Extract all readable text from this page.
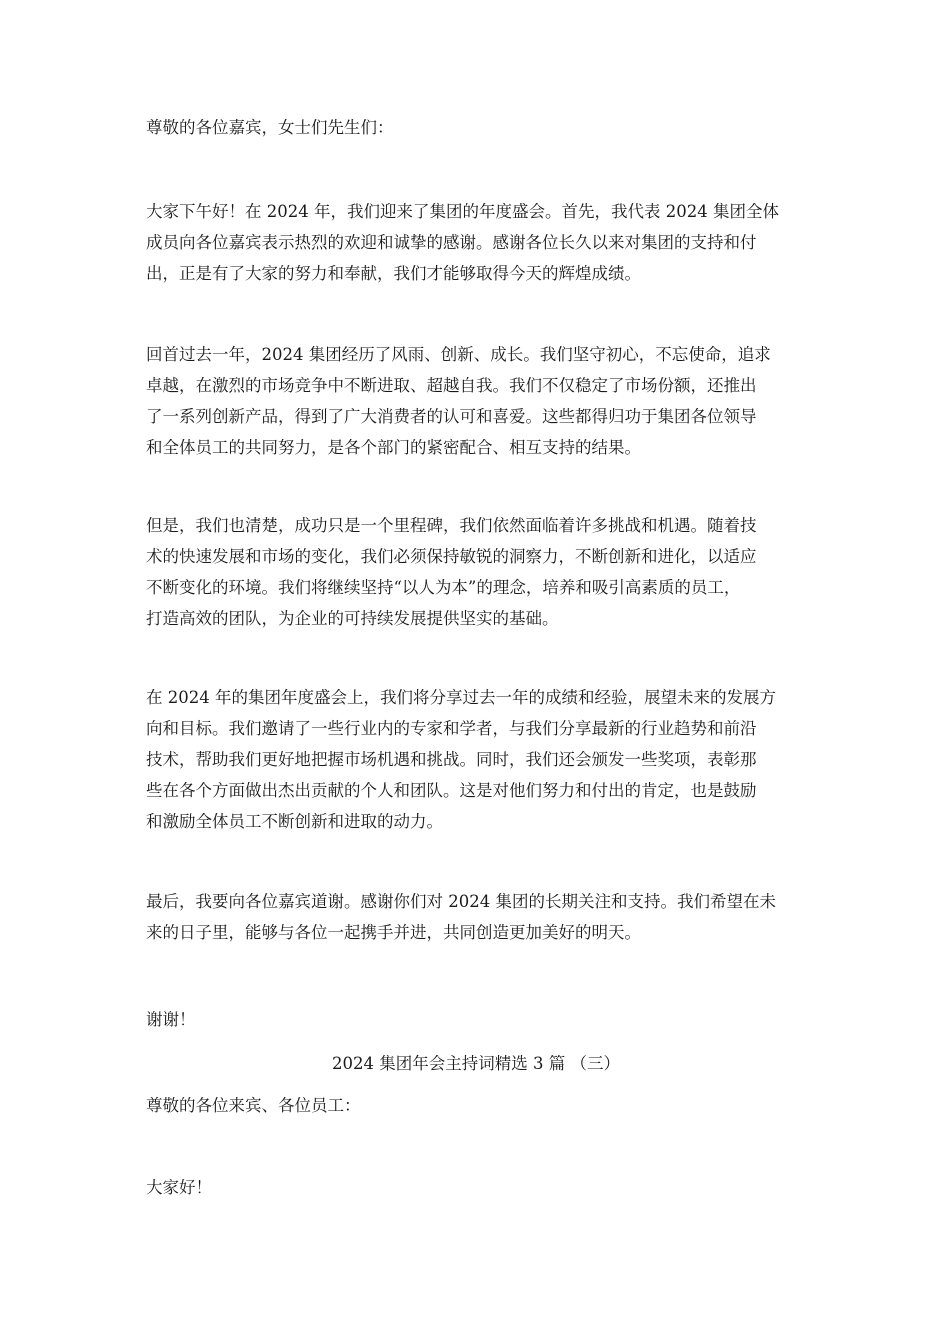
尊敬的各位嘉宾，女士们先生们：

大家下午好！在 2024 年，我们迎来了集团的年度盛会。首先，我代表 2024 集团全体
成员向各位嘉宾表示热烈的欢迎和诚挚的感谢。感谢各位长久以来对集团的支持和付
出，正是有了大家的努力和奉献，我们才能够取得今天的辉煌成绩。
回首过去一年，2024 集团经历了风雨、创新、成长。我们坚守初心，不忘使命，追求
卓越，在激烈的市场竞争中不断进取、超越自我。我们不仅稳定了市场份额，还推出
了一系列创新产品，得到了广大消费者的认可和喜爱。这些都得归功于集团各位领导
和全体员工的共同努力，是各个部门的紧密配合、相互支持的结果。
但是，我们也清楚，成功只是一个里程碑，我们依然面临着许多挑战和机遇。随着技
术的快速发展和市场的变化，我们必须保持敏锐的洞察力，不断创新和进化，以适应
不断变化的环境。我们将继续坚持“以人为本”的理念，培养和吸引高素质的员工，
打造高效的团队，为企业的可持续发展提供坚实的基础。
在 2024 年的集团年度盛会上，我们将分享过去一年的成绩和经验，展望未来的发展方
向和目标。我们邀请了一些行业内的专家和学者，与我们分享最新的行业趋势和前沿
技术，帮助我们更好地把握市场机遇和挑战。同时，我们还会颁发一些奖项，表彰那
些在各个方面做出杰出贡献的个人和团队。这是对他们努力和付出的肯定，也是鼓励
和激励全体员工不断创新和进取的动力。
最后，我要向各位嘉宾道谢。感谢你们对 2024 集团的长期关注和支持。我们希望在未
来的日子里，能够与各位一起携手并进，共同创造更加美好的明天。

谢谢！

2024 集团年会主持词精选 3 篇 （三）

尊敬的各位来宾、各位员工：

大家好！
